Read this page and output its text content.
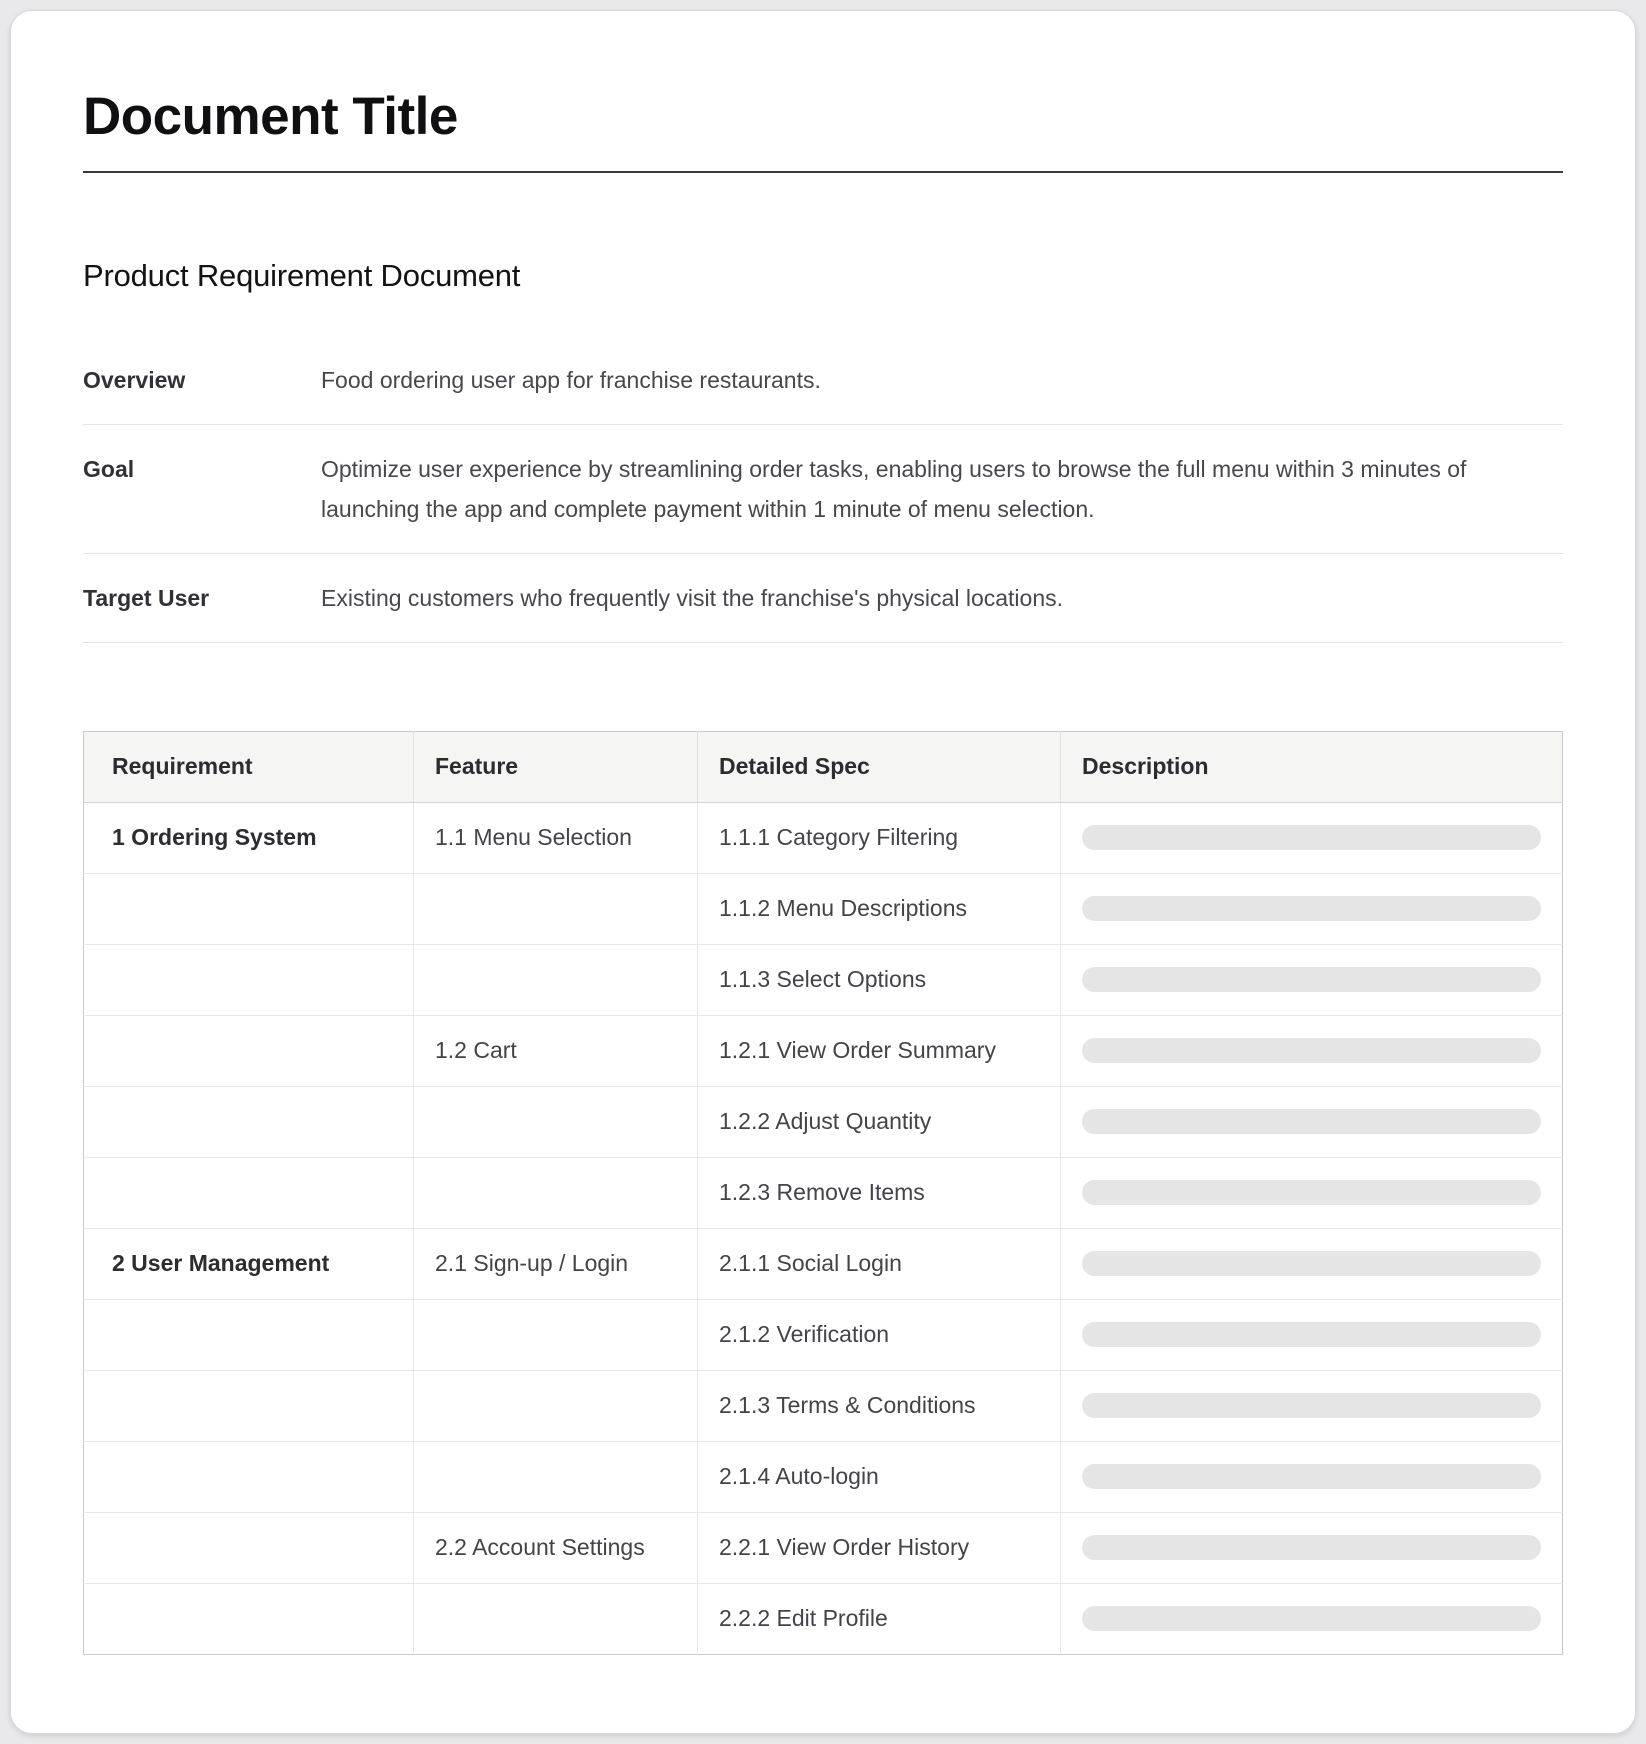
Document Title
Product Requirement Document
Overview	Food ordering user app for franchise restaurants.
Goal	Optimize user experience by streamlining order tasks, enabling users to browse the full menu within 3 minutes of launching the app and complete payment within 1 minute of menu selection.
Target User	Existing customers who frequently visit the franchise's physical locations.
Requirement	Feature	Detailed Spec	Description
1 Ordering System	1.1 Menu Selection	1.1.1 Category Filtering	

		1.1.2 Menu Descriptions	

		1.1.3 Select Options	

	1.2 Cart	1.2.1 View Order Summary	

		1.2.2 Adjust Quantity	

		1.2.3 Remove Items	

2 User Management	2.1 Sign-up / Login	2.1.1 Social Login	

		2.1.2 Verification	

		2.1.3 Terms & Conditions	

		2.1.4 Auto-login	

	2.2 Account Settings	2.2.1 View Order History	

		2.2.2 Edit Profile	
